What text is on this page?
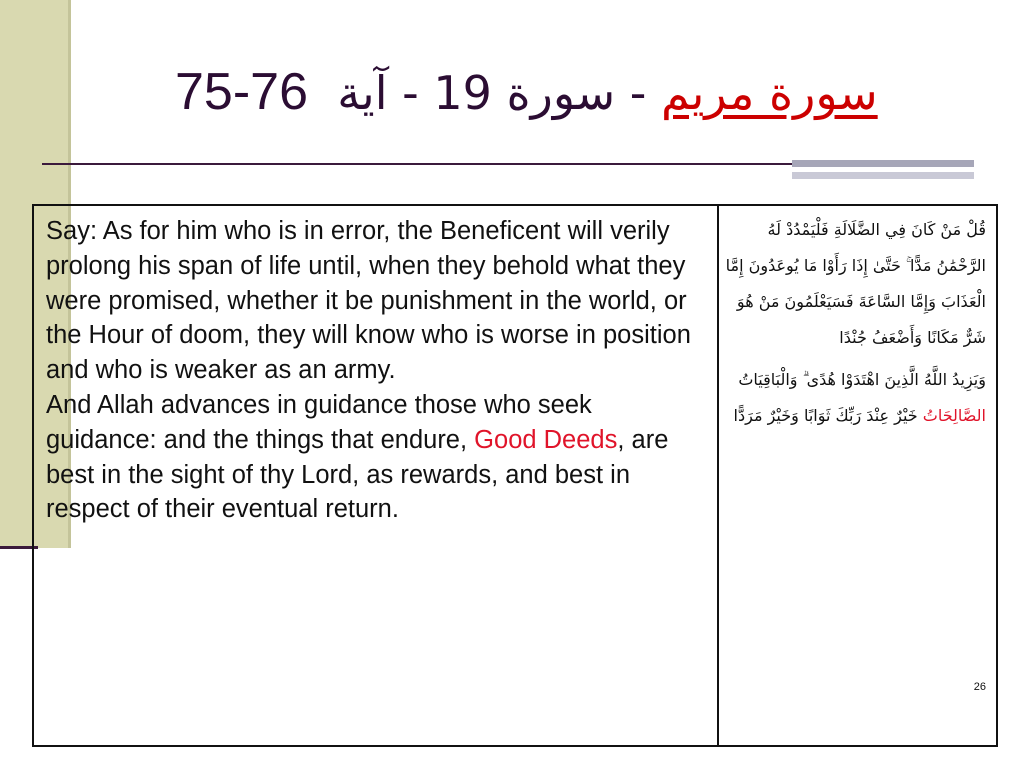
75-76 - سورة 19 - آية سورة مريم

Say: As for him who is in error, the Beneficent will verily prolong his span of life until, when they behold what they were promised, whether it be punishment in the world, or the Hour of doom, they will know who is worse in position and who is weaker as an army.

And Allah advances in guidance those who seek guidance: and the things that endure, Good Deeds, are best in the sight of thy Lord, as rewards, and best in respect of their eventual return.

قُلْ مَنْ كَانَ فِي الضَّلَالَةِ فَلْيَمْدُدْ لَهُ الرَّحْمَٰنُ مَدًّا ۚ حَتَّىٰ إِذَا رَأَوْا مَا يُوعَدُونَ إِمَّا الْعَذَابَ وَإِمَّا السَّاعَةَ فَسَيَعْلَمُونَ مَنْ هُوَ شَرٌّ مَكَانًا وَأَضْعَفُ جُنْدًا

وَيَزِيدُ اللَّهُ الَّذِينَ اهْتَدَوْا هُدًى ۗ وَالْبَاقِيَاتُ الصَّالِحَاتُ خَيْرٌ عِنْدَ رَبِّكَ ثَوَابًا وَخَيْرٌ مَرَدًّا

26
